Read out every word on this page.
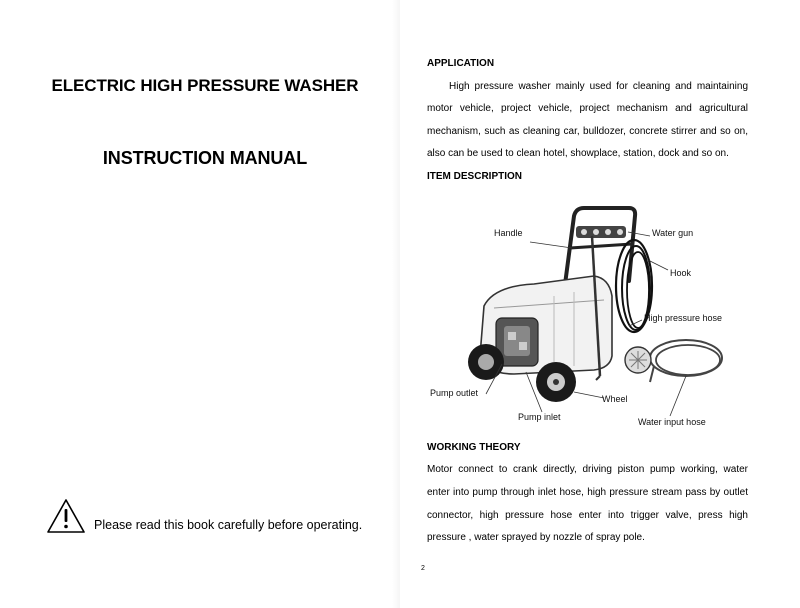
ELECTRIC HIGH PRESSURE WASHER
INSTRUCTION MANUAL
Please read this book carefully before operating.
APPLICATION
High pressure washer mainly used for cleaning and maintaining
motor vehicle, project vehicle, project mechanism and agricultural
mechanism, such as cleaning car, bulldozer, concrete stirrer and so on,
also can be used to clean hotel, showplace, station, dock and so on.
ITEM DESCRIPTION
Handle	Water gun
Hook
High pressure hose
Pump outlet
Wheel
Pump inlet	Water input hose
WORKING THEORY
Motor connect to crank directly, driving piston pump working, water
enter into pump through inlet hose, high pressure stream pass by outlet
connector, high pressure hose enter into trigger valve, press high
pressure , water sprayed by nozzle of spray pole.
2
